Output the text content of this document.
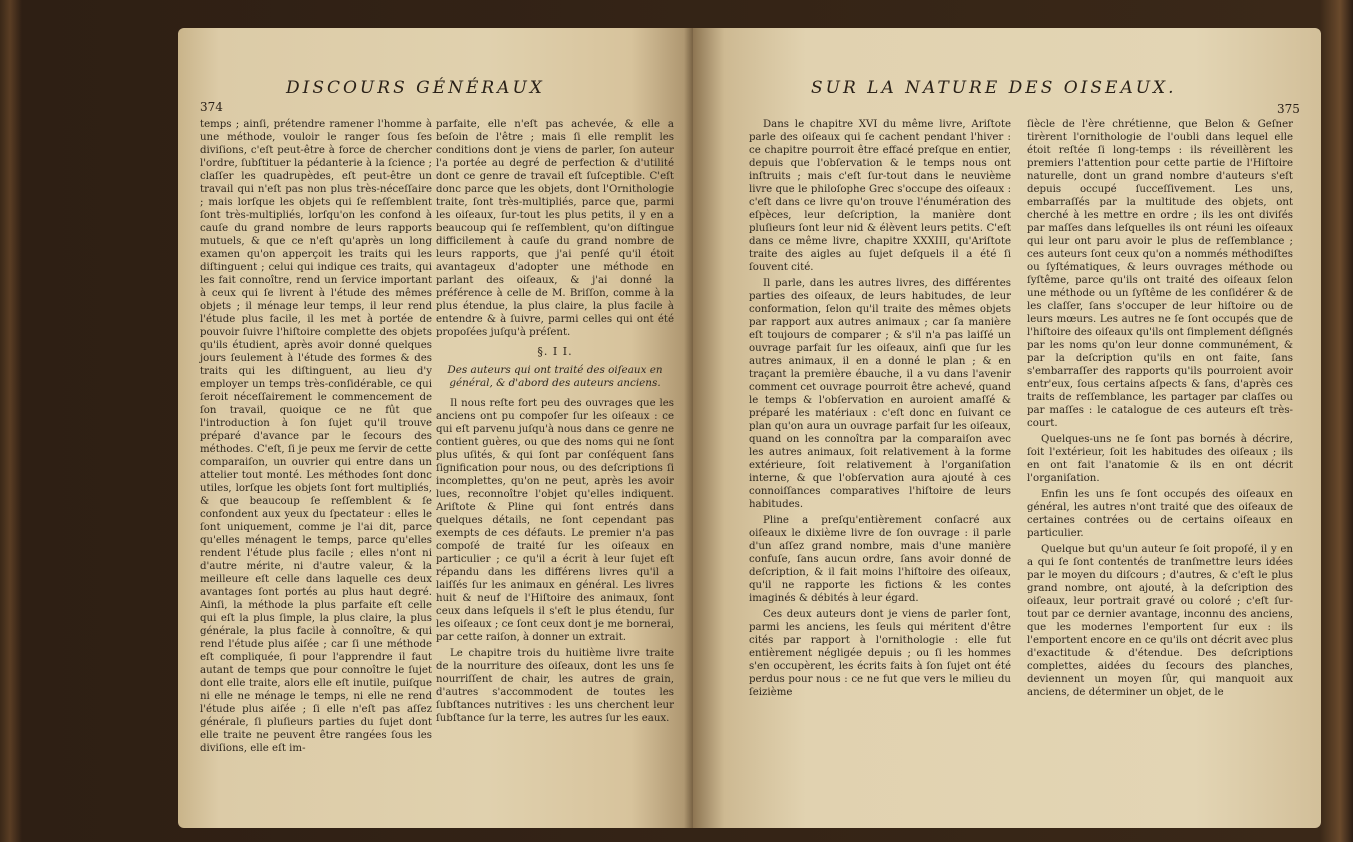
374
DISCOURS GÉNÉRAUX

temps ; ainſi, prétendre ramener l'homme à une méthode, vouloir le ranger ſous ſes diviſions, c'eſt peut-être à force de chercher l'ordre, ſubſtituer la pédanterie à la ſcience ; claſſer les quadrupèdes, eſt peut-être un travail qui n'eſt pas non plus très-néceſſaire ; mais lorſque les objets qui ſe reſſemblent ſont très-multipliés, lorſqu'on les confond à cauſe du grand nombre de leurs rapports mutuels, & que ce n'eſt qu'après un long examen qu'on apperçoit les traits qui les diſtinguent ; celui qui indique ces traits, qui les fait connoître, rend un ſervice important à ceux qui ſe livrent à l'étude des mêmes objets ; il ménage leur temps, il leur rend l'étude plus facile, il les met à portée de pouvoir ſuivre l'hiſtoire complette des objets qu'ils étudient, après avoir donné quelques jours ſeulement à l'étude des formes & des traits qui les diſtinguent, au lieu d'y employer un temps très-conſidérable, ce qui ſeroit néceſſairement le commencement de ſon travail, quoique ce ne fût que l'introduction à ſon ſujet qu'il trouve préparé d'avance par le ſecours des méthodes. C'eſt, ſi je peux me ſervir de cette comparaiſon, un ouvrier qui entre dans un attelier tout monté. Les méthodes ſont donc utiles, lorſque les objets ſont fort multipliés, & que beaucoup ſe reſſemblent & ſe confondent aux yeux du ſpectateur : elles le ſont uniquement, comme je l'ai dit, parce qu'elles ménagent le temps, parce qu'elles rendent l'étude plus facile ; elles n'ont ni d'autre mérite, ni d'autre valeur, & la meilleure eſt celle dans laquelle ces deux avantages ſont portés au plus haut degré. Ainſi, la méthode la plus parfaite eſt celle qui eſt la plus ſimple, la plus claire, la plus générale, la plus facile à connoître, & qui rend l'étude plus aiſée ; car ſi une méthode eſt compliquée, ſi pour l'apprendre il faut autant de temps que pour connoître le ſujet dont elle traite, alors elle eſt inutile, puiſque ni elle ne ménage le temps, ni elle ne rend l'étude plus aiſée ; ſi elle n'eſt pas aſſez générale, ſi pluſieurs parties du ſujet dont elle traite ne peuvent être rangées ſous les diviſions, elle eſt im-

parfaite, elle n'eſt pas achevée, & elle a beſoin de l'être ; mais ſi elle remplit les conditions dont je viens de parler, ſon auteur l'a portée au degré de perfection & d'utilité dont ce genre de travail eſt ſuſceptible. C'eſt donc parce que les objets, dont l'Ornithologie traite, ſont très-multipliés, parce que, parmi les oiſeaux, ſur-tout les plus petits, il y en a beaucoup qui ſe reſſemblent, qu'on diſtingue difficilement à cauſe du grand nombre de leurs rapports, que j'ai penſé qu'il étoit avantageux d'adopter une méthode en parlant des oiſeaux, & j'ai donné la préférence à celle de M. Briſſon, comme à la plus étendue, la plus claire, la plus facile à entendre & à ſuivre, parmi celles qui ont été propoſées juſqu'à préſent.

§. I I.
Des auteurs qui ont traité des oiſeaux en général, & d'abord des auteurs anciens.

Il nous reſte fort peu des ouvrages que les anciens ont pu compoſer ſur les oiſeaux : ce qui eſt parvenu juſqu'à nous dans ce genre ne contient guères, ou que des noms qui ne ſont plus uſités, & qui ſont par conſéquent ſans ſignification pour nous, ou des deſcriptions ſi incomplettes, qu'on ne peut, après les avoir lues, reconnoître l'objet qu'elles indiquent. Ariſtote & Pline qui ſont entrés dans quelques détails, ne ſont cependant pas exempts de ces défauts. Le premier n'a pas compoſé de traité ſur les oiſeaux en particulier ; ce qu'il a écrit à leur ſujet eſt répandu dans les différens livres qu'il a laiſſés ſur les animaux en général. Les livres huit & neuf de l'Hiſtoire des animaux, ſont ceux dans leſquels il s'eſt le plus étendu, ſur les oiſeaux ; ce ſont ceux dont je me bornerai, par cette raiſon, à donner un extrait.

Le chapitre trois du huitième livre traite de la nourriture des oiſeaux, dont les uns ſe nourriſſent de chair, les autres de grain, d'autres s'accommodent de toutes les ſubſtances nutritives : les uns cherchent leur ſubſtance ſur la terre, les autres ſur les eaux.

SUR LA NATURE DES OISEAUX.
375

Dans le chapitre XVI du même livre, Ariſtote parle des oiſeaux qui ſe cachent pendant l'hiver : ce chapitre pourroit être effacé preſque en entier, depuis que l'obſervation & le temps nous ont inſtruits ; mais c'eſt ſur-tout dans le neuvième livre que le philoſophe Grec s'occupe des oiſeaux : c'eſt dans ce livre qu'on trouve l'énumération des eſpèces, leur deſcription, la manière dont pluſieurs ſont leur nid & élèvent leurs petits. C'eſt dans ce même livre, chapitre XXXIII, qu'Ariſtote traite des aigles au ſujet deſquels il a été ſi ſouvent cité.

Il parle, dans les autres livres, des différentes parties des oiſeaux, de leurs habitudes, de leur conformation, ſelon qu'il traite des mêmes objets par rapport aux autres animaux ; car ſa manière eſt toujours de comparer ; & s'il n'a pas laiſſé un ouvrage parfait ſur les oiſeaux, ainſi que ſur les autres animaux, il en a donné le plan ; & en traçant la première ébauche, il a vu dans l'avenir comment cet ouvrage pourroit être achevé, quand le temps & l'obſervation en auroient amaſſé & préparé les matériaux : c'eſt donc en ſuivant ce plan qu'on aura un ouvrage parfait ſur les oiſeaux, quand on les connoîtra par la comparaiſon avec les autres animaux, ſoit relativement à la forme extérieure, ſoit relativement à l'organiſation interne, & que l'obſervation aura ajouté à ces connoiſſances comparatives l'hiſtoire de leurs habitudes.

Pline a preſqu'entièrement conſacré aux oiſeaux le dixième livre de ſon ouvrage : il parle d'un aſſez grand nombre, mais d'une manière confuſe, ſans aucun ordre, ſans avoir donné de deſcription, & il fait moins l'hiſtoire des oiſeaux, qu'il ne rapporte les fictions & les contes imaginés & débités à leur égard.

Ces deux auteurs dont je viens de parler ſont, parmi les anciens, les ſeuls qui méritent d'être cités par rapport à l'ornithologie : elle fut entièrement négligée depuis ; ou ſi les hommes s'en occupèrent, les écrits faits à ſon ſujet ont été perdus pour nous : ce ne fut que vers le milieu du ſeizième

ſiècle de l'ère chrétienne, que Belon & Geſner tirèrent l'ornithologie de l'oubli dans lequel elle étoit reſtée ſi long-temps : ils réveillèrent les premiers l'attention pour cette partie de l'Hiſtoire naturelle, dont un grand nombre d'auteurs s'eſt depuis occupé ſucceſſivement. Les uns, embarraſſés par la multitude des objets, ont cherché à les mettre en ordre ; ils les ont diviſés par maſſes dans leſquelles ils ont réuni les oiſeaux qui leur ont paru avoir le plus de reſſemblance ; ces auteurs ſont ceux qu'on a nommés méthodiſtes ou ſyſtématiques, & leurs ouvrages méthode ou ſyſtême, parce qu'ils ont traité des oiſeaux ſelon une méthode ou un ſyſtême de les conſidérer & de les claſſer, ſans s'occuper de leur hiſtoire ou de leurs mœurs. Les autres ne ſe ſont occupés que de l'hiſtoire des oiſeaux qu'ils ont ſimplement déſignés par les noms qu'on leur donne communément, & par la deſcription qu'ils en ont faite, ſans s'embarraſſer des rapports qu'ils pourroient avoir entr'eux, ſous certains aſpects & ſans, d'après ces traits de reſſemblance, les partager par claſſes ou par maſſes : le catalogue de ces auteurs eſt très-court.

Quelques-uns ne ſe ſont pas bornés à décrire, ſoit l'extérieur, ſoit les habitudes des oiſeaux ; ils en ont fait l'anatomie & ils en ont décrit l'organiſation.

Enfin les uns ſe ſont occupés des oiſeaux en général, les autres n'ont traité que des oiſeaux de certaines contrées ou de certains oiſeaux en particulier.

Quelque but qu'un auteur ſe ſoit propoſé, il y en a qui ſe ſont contentés de tranſmettre leurs idées par le moyen du diſcours ; d'autres, & c'eſt le plus grand nombre, ont ajouté, à la deſcription des oiſeaux, leur portrait gravé ou coloré ; c'eſt ſur-tout par ce dernier avantage, inconnu des anciens, que les modernes l'emportent ſur eux : ils l'emportent encore en ce qu'ils ont décrit avec plus d'exactitude & d'étendue. Des deſcriptions complettes, aidées du ſecours des planches, deviennent un moyen ſûr, qui manquoit aux anciens, de déterminer un objet, de le
